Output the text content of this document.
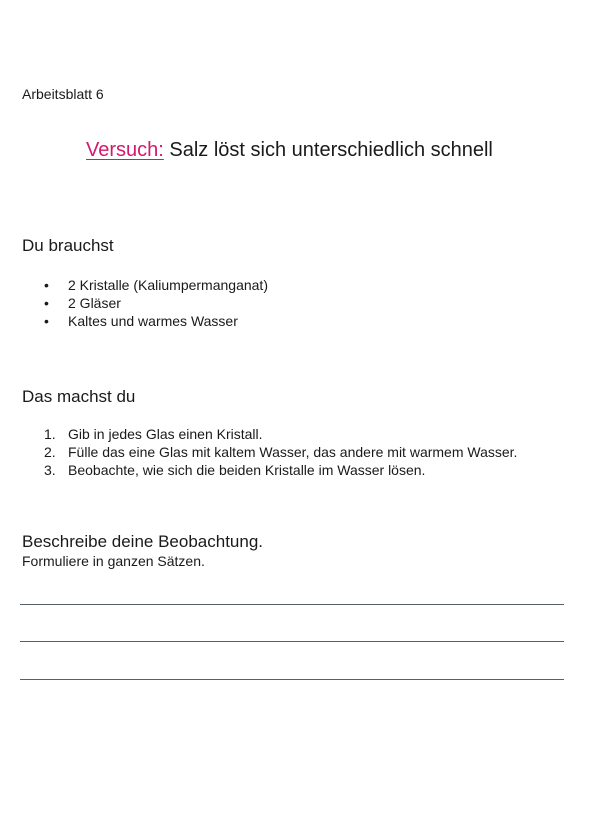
Arbeitsblatt 6
Versuch: Salz löst sich unterschiedlich schnell
Du brauchst
• 2 Kristalle (Kaliumpermanganat)
• 2 Gläser
• Kaltes und warmes Wasser
Das machst du
1. Gib in jedes Glas einen Kristall.
2. Fülle das eine Glas mit kaltem Wasser, das andere mit warmem Wasser.
3. Beobachte, wie sich die beiden Kristalle im Wasser lösen.
Beschreibe deine Beobachtung.
Formuliere in ganzen Sätzen.
